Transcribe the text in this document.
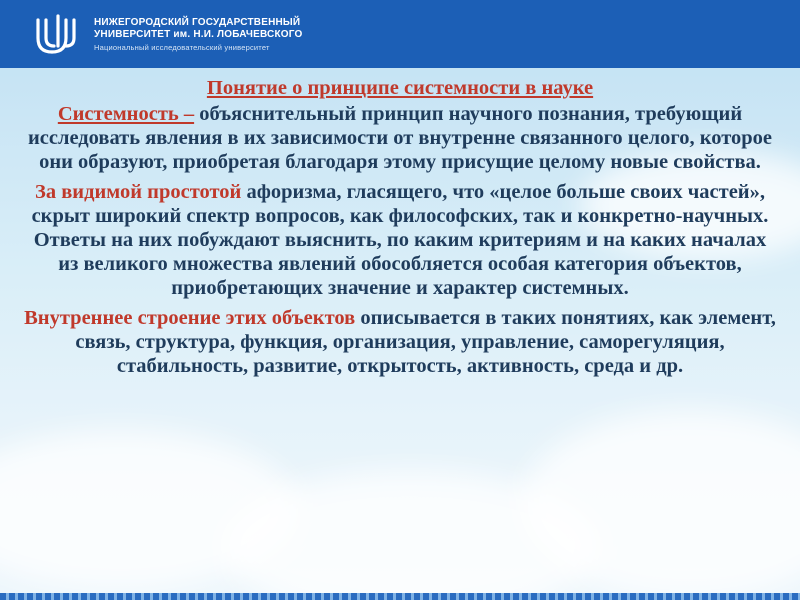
НИЖЕГОРОДСКИЙ ГОСУДАРСТВЕННЫЙ
УНИВЕРСИТЕТ им. Н.И. ЛОБАЧЕВСКОГО
Национальный исследовательский университет
Понятие о принципе системности в науке

Системность – объяснительный принцип научного познания, требующий исследовать явления в их зависимости от внутренне связанного целого, которое они образуют, приобретая благодаря этому присущие целому новые свойства.

За видимой простотой афоризма, гласящего, что «целое больше своих частей», скрыт широкий спектр вопросов, как философских, так и конкретно-научных. Ответы на них побуждают выяснить, по каким критериям и на каких началах из великого множества явлений обособляется особая категория объектов, приобретающих значение и характер системных.

Внутреннее строение этих объектов описывается в таких понятиях, как элемент, связь, структура, функция, организация, управление, саморегуляция, стабильность, развитие, открытость, активность, среда и др.
